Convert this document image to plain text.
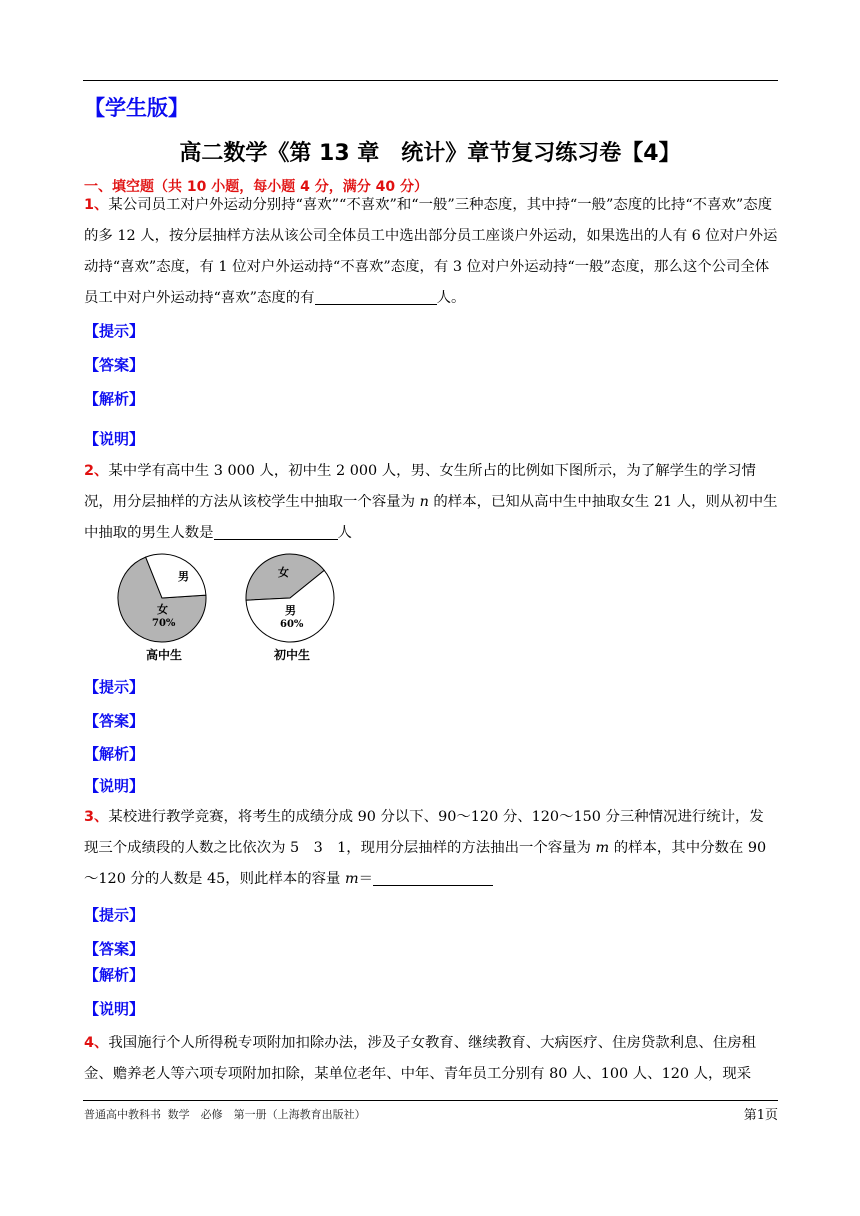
【学生版】
高二数学《第 13 章　统计》章节复习练习卷【4】
一、填空题（共 10 小题，每小题 4 分，满分 40 分）
1、某公司员工对户外运动分别持“喜欢”“不喜欢”和“一般”三种态度，其中持“一般”态度的比持“不喜欢”态度的多 12 人，按分层抽样方法从该公司全体员工中选出部分员工座谈户外运动，如果选出的人有 6 位对户外运动持“喜欢”态度，有 1 位对户外运动持“不喜欢”态度，有 3 位对户外运动持“一般”态度，那么这个公司全体员工中对户外运动持“喜欢”态度的有	人。
【提示】
【答案】
【解析】
【说明】
2、某中学有高中生 3 000 人，初中生 2 000 人，男、女生所占的比例如下图所示，为了解学生的学习情况，用分层抽样的方法从该校学生中抽取一个容量为 n 的样本，已知从高中生中抽取女生 21 人，则从初中生中抽取的男生人数是	人
男
女
70%
高中生
女
男
60%
初中生
【提示】
【答案】
【解析】
【说明】
3、某校进行教学竞赛，将考生的成绩分成 90 分以下、90～120 分、120～150 分三种情况进行统计，发现三个成绩段的人数之比依次为 5　3　1，现用分层抽样的方法抽出一个容量为 m 的样本，其中分数在 90～120 分的人数是 45，则此样本的容量 m＝
【提示】
【答案】
【解析】
【说明】
4、我国施行个人所得税专项附加扣除办法，涉及子女教育、继续教育、大病医疗、住房贷款利息、住房租金、赡养老人等六项专项附加扣除，某单位老年、中年、青年员工分别有 80 人、100 人、120 人，现采
普通高中教科书 数学　必修　第一册（上海教育出版社）	第1页
